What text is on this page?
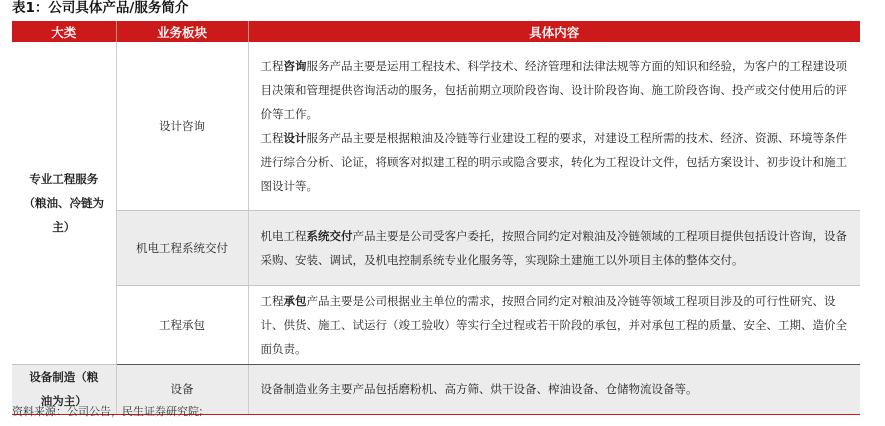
表1：公司具体产品/服务简介
大类	业务板块	具体内容

专业工程服务（粮油、冷链为主）	设计咨询	工程咨询服务产品主要是运用工程技术、科学技术、经济管理和法律法规等方面的知识和经验，为客户的工程建设项目决策和管理提供咨询活动的服务，包括前期立项阶段咨询、设计阶段咨询、施工阶段咨询、投产或交付使用后的评价等工作。
工程设计服务产品主要是根据粮油及冷链等行业建设工程的要求，对建设工程所需的技术、经济、资源、环境等条件进行综合分析、论证，将顾客对拟建工程的明示或隐含要求，转化为工程设计文件，包括方案设计、初步设计和施工图设计等。

	机电工程系统交付	机电工程系统交付产品主要是公司受客户委托，按照合同约定对粮油及冷链领域的工程项目提供包括设计咨询，设备采购、安装、调试，及机电控制系统专业化服务等，实现除土建施工以外项目主体的整体交付。
	工程承包	工程承包产品主要是公司根据业主单位的需求，按照合同约定对粮油及冷链等领域工程项目涉及的可行性研究、设计、供货、施工、试运行（竣工验收）等实行全过程或若干阶段的承包，并对承包工程的质量、安全、工期、造价全面负责。

设备制造（粮油为主）	设备	设备制造业务主要产品包括磨粉机、高方筛、烘干设备、榨油设备、仓储物流设备等。
资料来源：公司公告，民生证券研究院;
